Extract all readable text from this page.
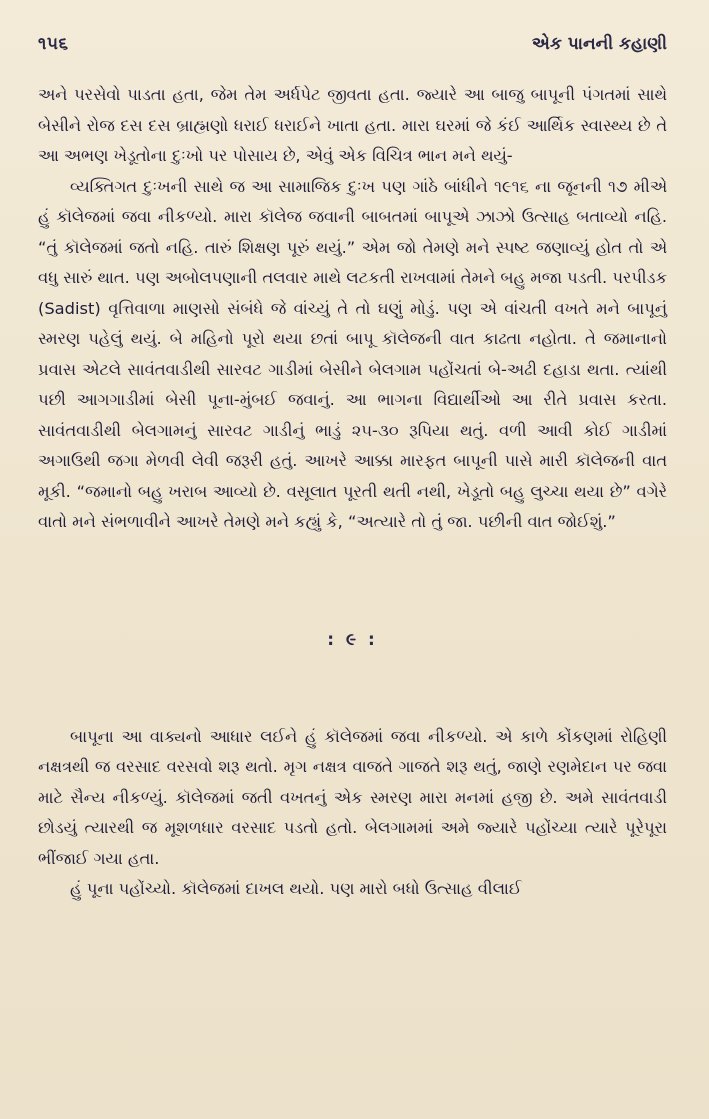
૧૫૬	એક પાનની કહાણી

અને પરસેવો પાડતા હતા, જેમ તેમ અર્ધપેટ જીવતા હતા. જ્યારે આ બાજુ બાપૂની પંગતમાં સાથે બેસીને રોજ દસ દસ બ્રાહ્મણો ધરાઈ ધરાઈને ખાતા હતા. મારા ઘરમાં જે કંઈ આર્થિક સ્વાસ્થ્ય છે તે આ અભણ ખેડૂતોના દુઃખો પર પોસાય છે, એવું એક વિચિત્ર ભાન મને થયું-

વ્યક્તિગત દુઃખની સાથે જ આ સામાજિક દુઃખ પણ ગાંઠે બાંધીને ૧૯૧૬ ના જૂનની ૧૭ મીએ હું કૉલેજમાં જવા નીકળ્યો. મારા કૉલેજ જવાની બાબતમાં બાપૂએ ઝાઝો ઉત્સાહ બતાવ્યો નહિ. “તું કૉલેજમાં જતો નહિ. તારું શિક્ષણ પૂરું થયું.” એમ જો તેમણે મને સ્પષ્ટ જણાવ્યું હોત તો એ વધુ સારું થાત. પણ અબોલપણાની તલવાર માથે લટકતી રાખવામાં તેમને બહુ મજા પડતી. પરપીડક (Sadist) વૃત્તિવાળા માણસો સંબંધે જે વાંચ્યું તે તો ઘણું મોડું. પણ એ વાંચતી વખતે મને બાપૂનું સ્મરણ પહેલું થયું. બે મહિનો પૂરો થયા છતાં બાપૂ કૉલેજની વાત કાઢતા નહોતા. તે જમાનાનો પ્રવાસ એટલે સાવંતવાડીથી સારવટ ગાડીમાં બેસીને બેલગામ પહોંચતાં બે-અઢી દહાડા થતા. ત્યાંથી પછી આગગાડીમાં બેસી પૂના-મુંબઈ જવાનું. આ ભાગના વિદ્યાર્થીઓ આ રીતે પ્રવાસ કરતા. સાવંતવાડીથી બેલગામનું સારવટ ગાડીનું ભાડું ૨૫-૩૦ રૂપિયા થતું. વળી આવી કોઈ ગાડીમાં અગાઉથી જગા મેળવી લેવી જરૂરી હતું. આખરે આક્કા મારફત બાપૂની પાસે મારી કૉલેજની વાત મૂકી. “જમાનો બહુ ખરાબ આવ્યો છે. વસૂલાત પૂરતી થતી નથી, ખેડૂતો બહુ લુચ્ચા થયા છે” વગેરે વાતો મને સંભળાવીને આખરે તેમણે મને કહ્યું કે, “અત્યારે તો તું જા. પછીની વાત જોઈશું.”

: ૯ :

બાપૂના આ વાક્યનો આધાર લઈને હું કૉલેજમાં જવા નીકળ્યો. એ કાળે કોંકણમાં રોહિણી નક્ષત્રથી જ વરસાદ વરસવો શરૂ થતો. મૃગ નક્ષત્ર વાજતે ગાજતે શરૂ થતું, જાણે રણમેદાન પર જવા માટે સૈન્ય નીકળ્યું. કૉલેજમાં જતી વખતનું એક સ્મરણ મારા મનમાં હજી છે. અમે સાવંતવાડી છોડયું ત્યારથી જ મૂશળધાર વરસાદ પડતો હતો. બેલગામમાં અમે જ્યારે પહોંચ્યા ત્યારે પૂરેપૂરા ભીંજાઈ ગયા હતા.

હું પૂના પહોંચ્યો. કૉલેજમાં દાખલ થયો. પણ મારો બધો ઉત્સાહ વીલાઈ
